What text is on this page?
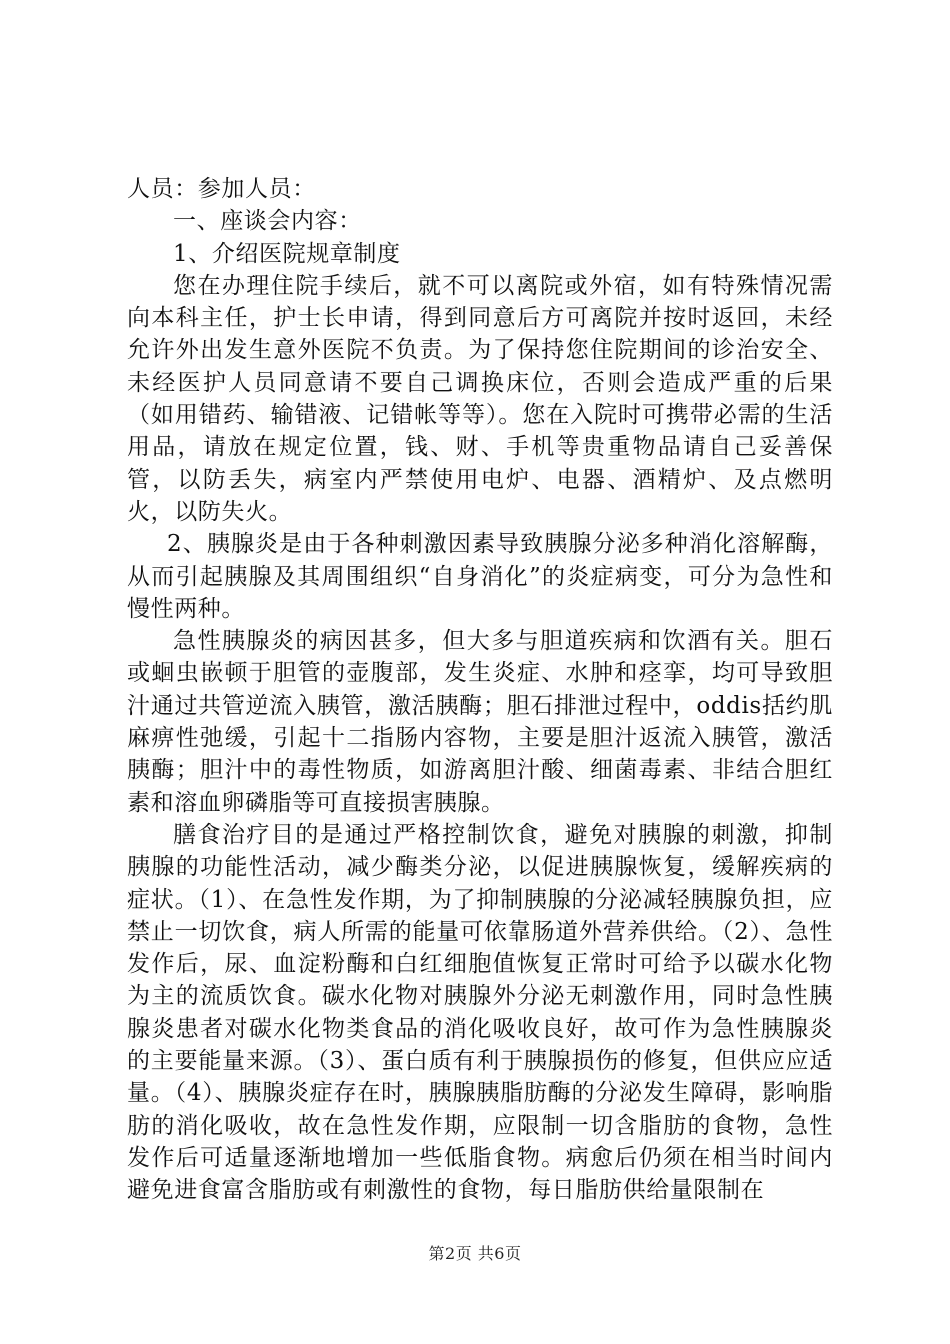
人员：参加人员：

一、座谈会内容：

1、介绍医院规章制度

您在办理住院手续后，就不可以离院或外宿，如有特殊情况需向本科主任，护士长申请，得到同意后方可离院并按时返回，未经允许外出发生意外医院不负责。为了保持您住院期间的诊治安全、未经医护人员同意请不要自己调换床位，否则会造成严重的后果（如用错药、输错液、记错帐等等）。您在入院时可携带必需的生活用品，请放在规定位置，钱、财、手机等贵重物品请自己妥善保管，以防丢失，病室内严禁使用电炉、电器、酒精炉、及点燃明火，以防失火。

2、胰腺炎是由于各种刺激因素导致胰腺分泌多种消化溶解酶，从而引起胰腺及其周围组织“自身消化”的炎症病变，可分为急性和慢性两种。

急性胰腺炎的病因甚多，但大多与胆道疾病和饮酒有关。胆石或蛔虫嵌顿于胆管的壶腹部，发生炎症、水肿和痉挛，均可导致胆汁通过共管逆流入胰管，激活胰酶；胆石排泄过程中，oddis括约肌麻痹性弛缓，引起十二指肠内容物，主要是胆汁返流入胰管，激活胰酶；胆汁中的毒性物质，如游离胆汁酸、细菌毒素、非结合胆红素和溶血卵磷脂等可直接损害胰腺。

膳食治疗目的是通过严格控制饮食，避免对胰腺的刺激，抑制胰腺的功能性活动，减少酶类分泌，以促进胰腺恢复，缓解疾病的症状。（1）、在急性发作期，为了抑制胰腺的分泌减轻胰腺负担，应禁止一切饮食，病人所需的能量可依靠肠道外营养供给。（2）、急性发作后，尿、血淀粉酶和白红细胞值恢复正常时可给予以碳水化物为主的流质饮食。碳水化物对胰腺外分泌无刺激作用，同时急性胰腺炎患者对碳水化物类食品的消化吸收良好，故可作为急性胰腺炎的主要能量来源。（3）、蛋白质有利于胰腺损伤的修复，但供应应适量。（4）、胰腺炎症存在时，胰腺胰脂肪酶的分泌发生障碍，影响脂肪的消化吸收，故在急性发作期，应限制一切含脂肪的食物，急性发作后可适量逐渐地增加一些低脂食物。病愈后仍须在相当时间内避免进食富含脂肪或有刺激性的食物，每日脂肪供给量限制在

第2页 共6页
